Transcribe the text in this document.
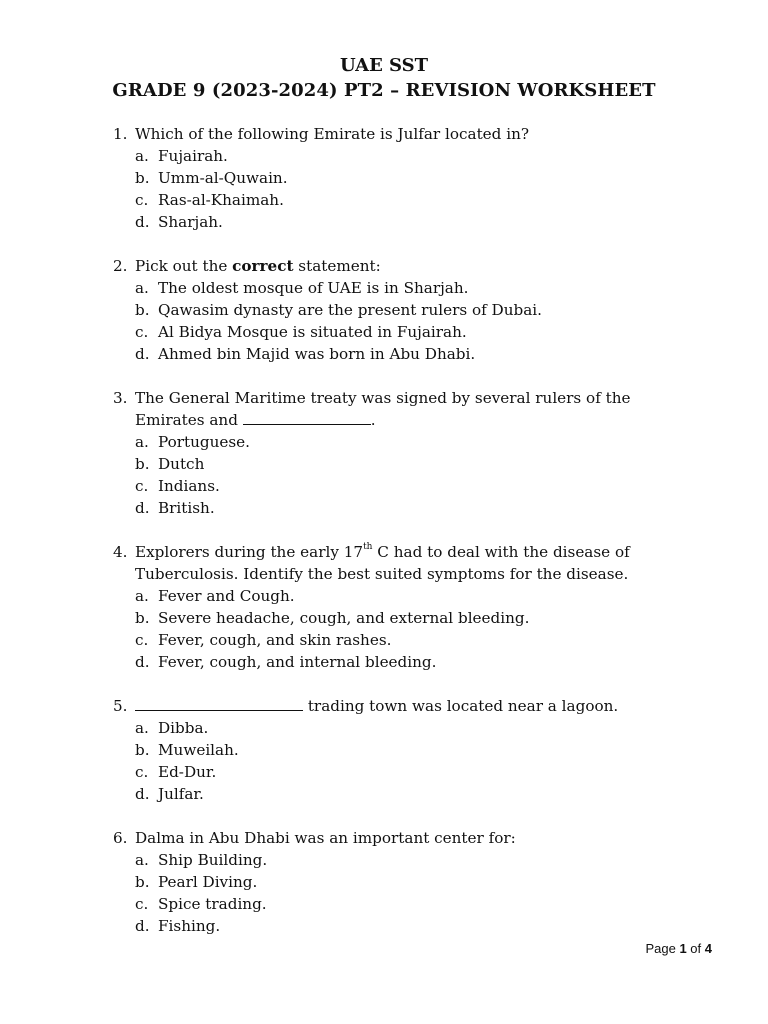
UAE SST
GRADE 9 (2023-2024) PT2 – REVISION WORKSHEET
1. Which of the following Emirate is Julfar located in?
a. Fujairah.
b. Umm-al-Quwain.
c. Ras-al-Khaimah.
d. Sharjah.
2. Pick out the correct statement:
a. The oldest mosque of UAE is in Sharjah.
b. Qawasim dynasty are the present rulers of Dubai.
c. Al Bidya Mosque is situated in Fujairah.
d. Ahmed bin Majid was born in Abu Dhabi.
3. The General Maritime treaty was signed by several rulers of the
Emirates and	.
a. Portuguese.
b. Dutch
c. Indians.
d. British.
4. Explorers during the early 17th C had to deal with the disease of
Tuberculosis. Identify the best suited symptoms for the disease.
a. Fever and Cough.
b. Severe headache, cough, and external bleeding.
c. Fever, cough, and skin rashes.
d. Fever, cough, and internal bleeding.
5.	trading town was located near a lagoon.
a. Dibba.
b. Muweilah.
c. Ed-Dur.
d. Julfar.
6. Dalma in Abu Dhabi was an important center for:
a. Ship Building.
b. Pearl Diving.
c. Spice trading.
d. Fishing.
Page 1 of 4
